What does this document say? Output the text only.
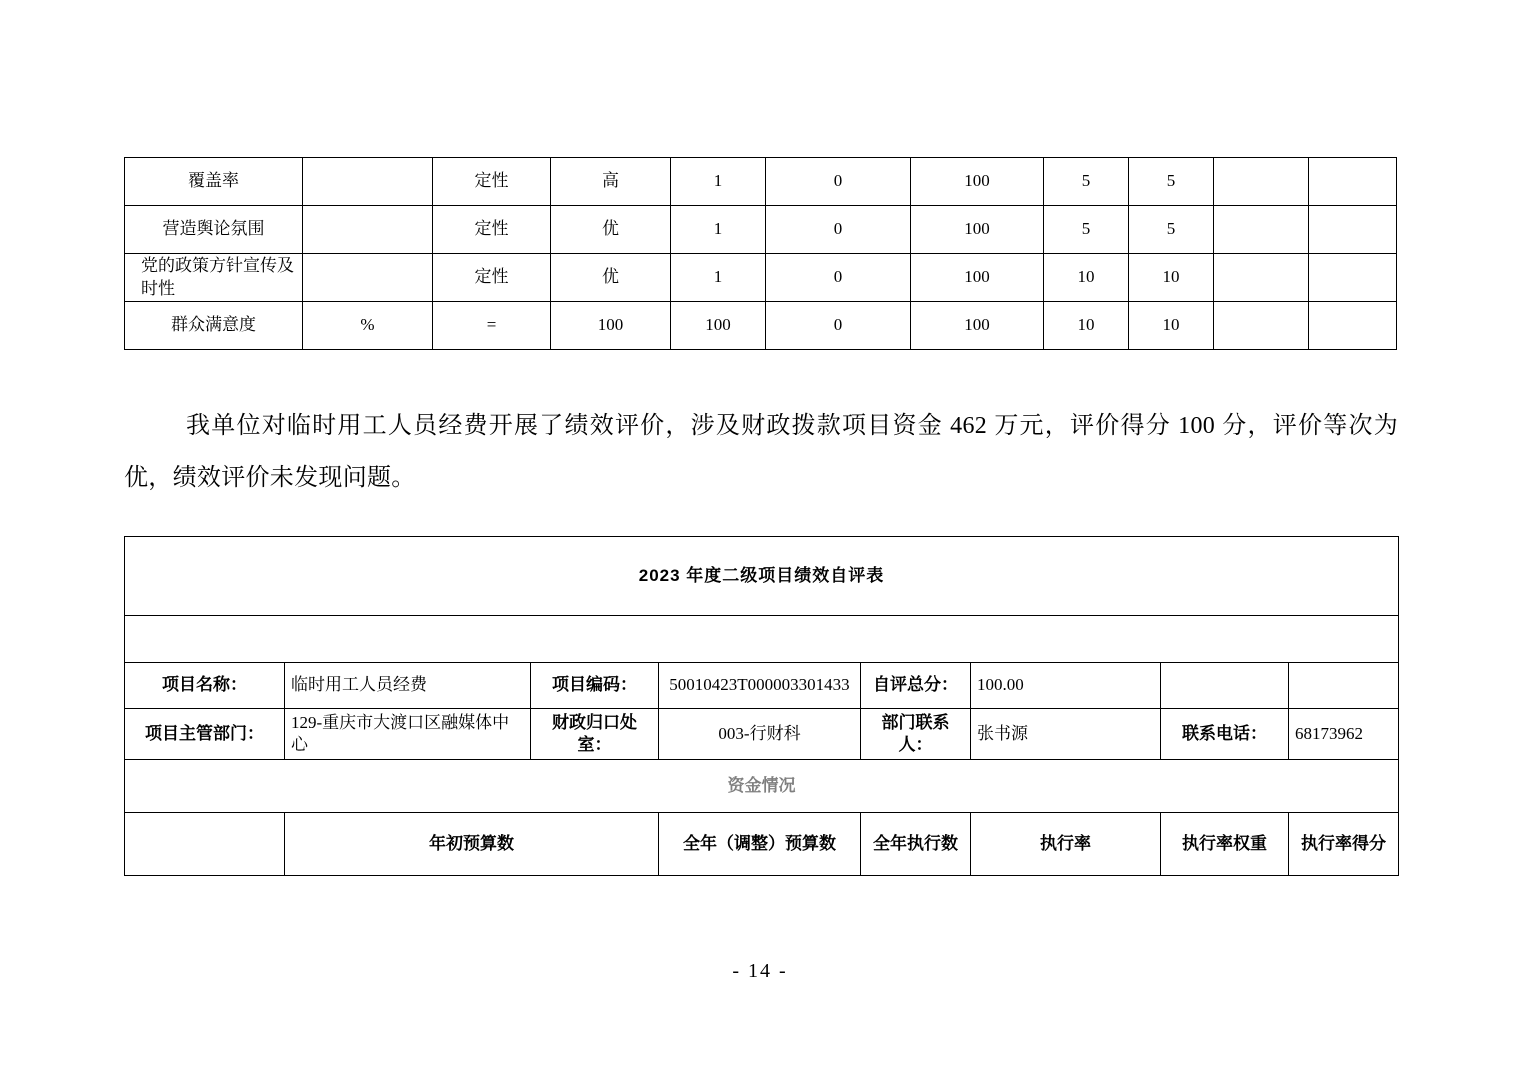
覆盖率		定性	高	1	0	100	5	5		
营造舆论氛围		定性	优	1	0	100	5	5		
党的政策方针宣传及时性		定性	优	1	0	100	10	10		
群众满意度	%	=	100	100	0	100	10	10		
我单位对临时用工人员经费开展了绩效评价，涉及财政拨款项目资金 462 万元，评价得分 100 分，评价等次为优，绩效评价未发现问题。
2023 年度二级项目绩效自评表							

项目名称：	临时用工人员经费	项目编码：	50010423T000003301433	自评总分：	100.00		
项目主管部门：	129-重庆市大渡口区融媒体中心	财政归口处室：	003-行财科	部门联系人：	张书源	联系电话：	68173962
资金情况							
	年初预算数		全年（调整）预算数	全年执行数	执行率	执行率权重	执行率得分
- 14 -
